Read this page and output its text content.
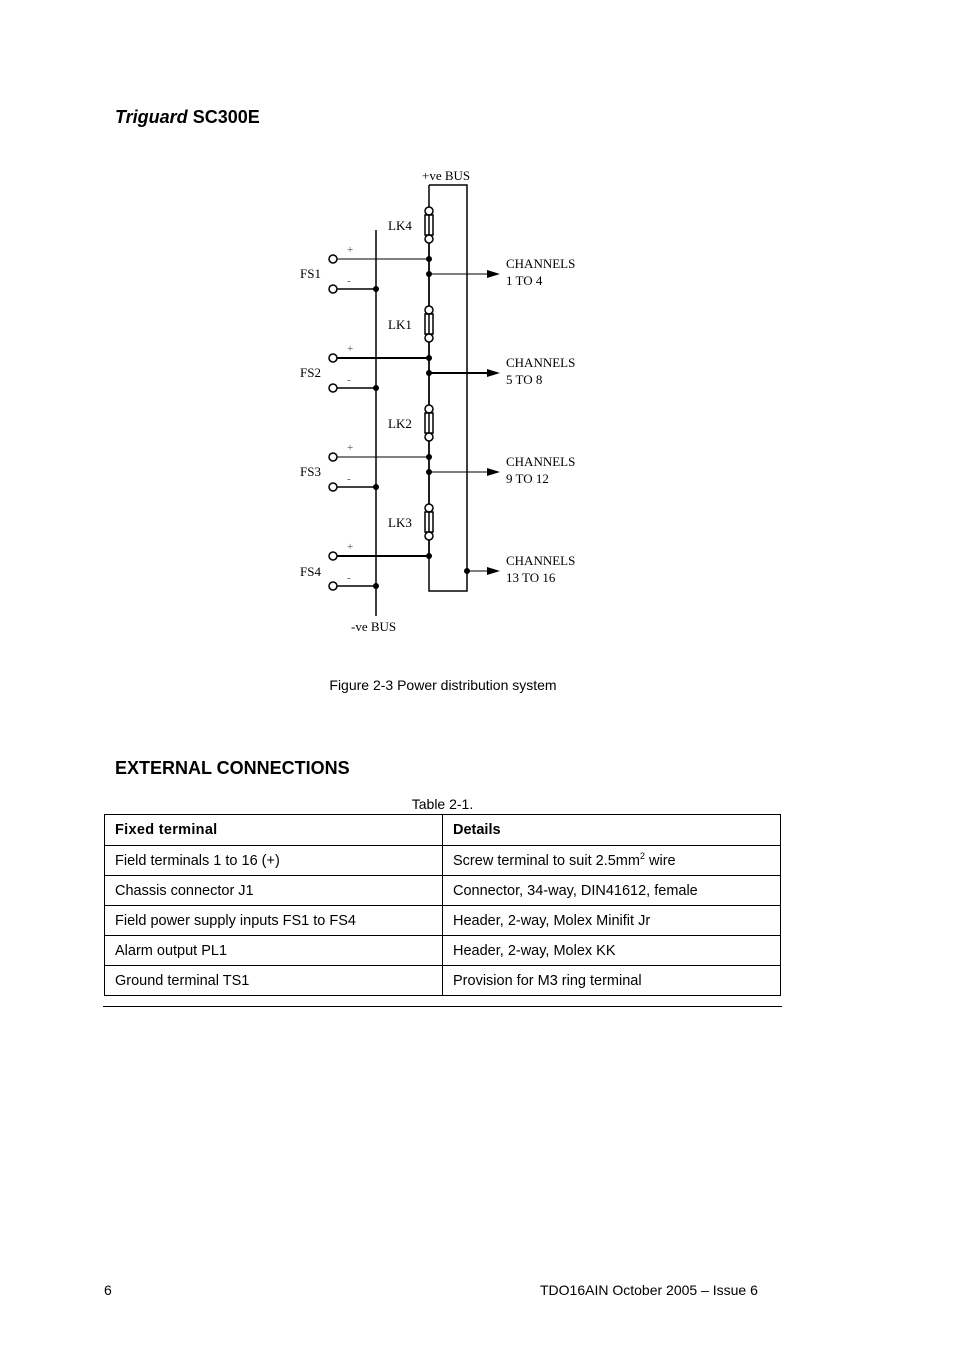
Triguard SC300E
+ve BUS
-ve BUS
LK4
+
-
FS1
CHANNELS
1 TO 4
LK1
+
-
FS2
CHANNELS
5 TO 8
LK2
+
-
FS3
CHANNELS
9 TO 12
LK3
+
-
FS4
CHANNELS
13 TO 16
Figure 2-3 Power distribution system
EXTERNAL CONNECTIONS
Table 2-1.
Fixed terminal	Details
Field terminals 1 to 16 (+)	Screw terminal to suit $2.5mm^2$ wire
Chassis connector J1	Connector, 34-way, DIN41612, female
Field power supply inputs FS1 to FS4	Header, 2-way, Molex Minifit Jr
Alarm output PL1	Header, 2-way, Molex KK
Ground terminal TS1	Provision for M3 ring terminal
6	TDO16AIN October 2005 – Issue 6
